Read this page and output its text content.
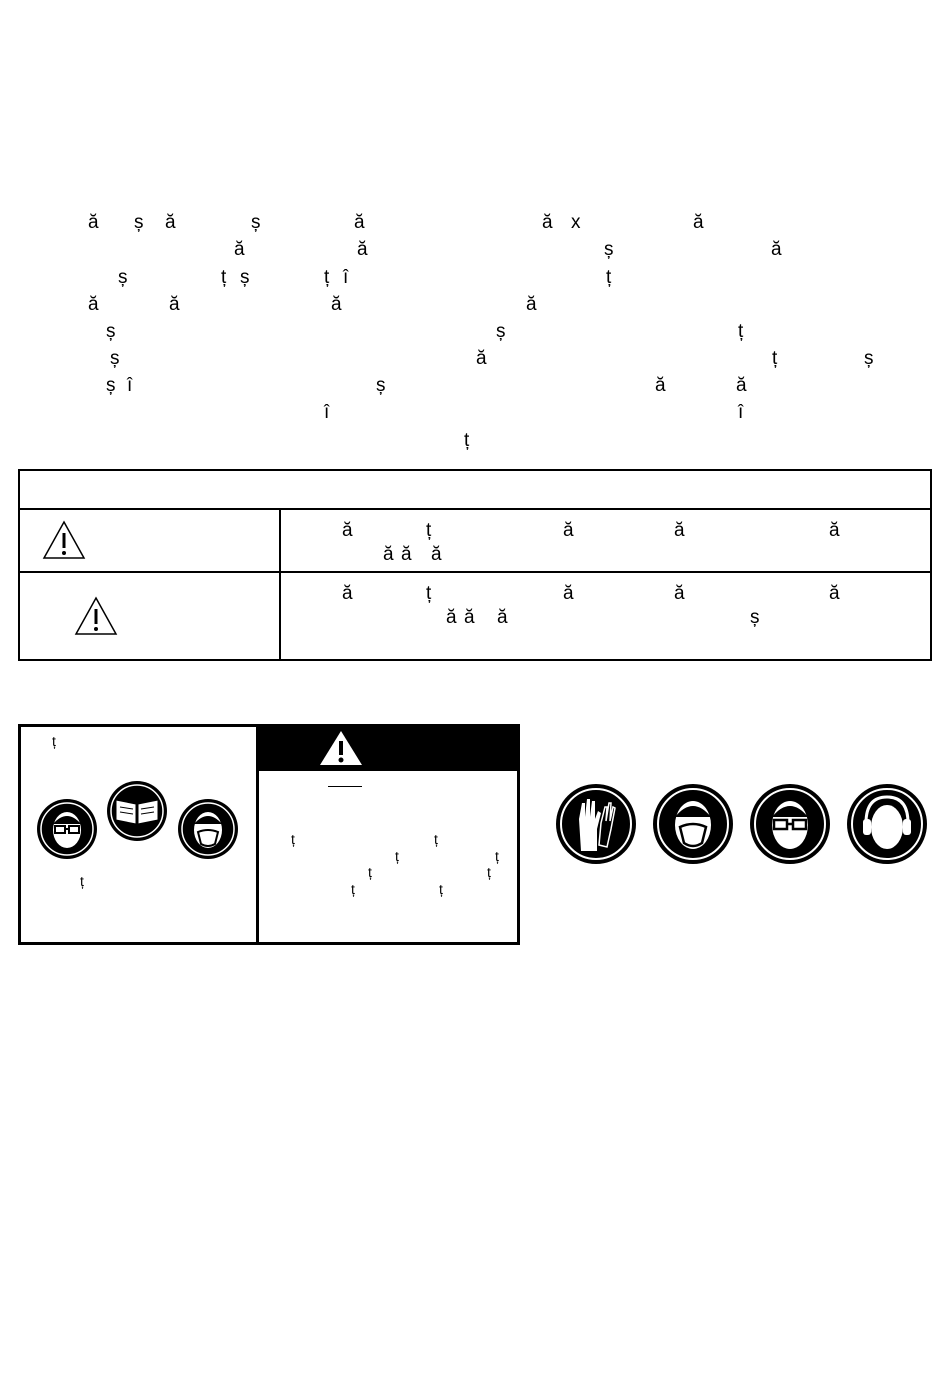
ă ș ă	ș	ă	ă x	ă
ă	ă	ș	ă
ș	ț ș	ț î	ț
ă	ă	ă	ă
ș	ș	ț
ș	ă	ț	ș
ș î	ș	ă	ă
î	î
ț
ă	ț	ă	ă	ă
ă ă ă
ă	ț	ă	ă	ă
ă ă ă	ș
ț
ț
ț	ț
ț	ț
ț	ț
ț	ț
